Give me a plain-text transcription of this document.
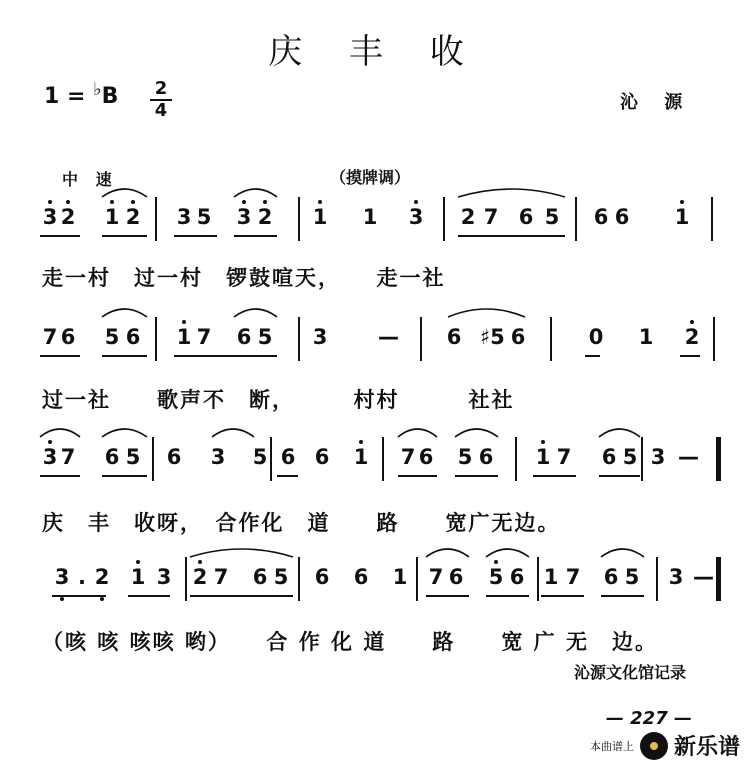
庆 丰 收
1 = ♭B 2
4	沁 源
中 速	（摸牌调）
3 2 1 2 3 5 3 2 1 1 3 2 7 6 5 6 6 1
7 6 5 6 1 7 6 5 3 — 6 ♯5 6	0 1 2
3 7 6 5 6 3 5 6 6 1 7 6 5 6 1 7 6 5 3 —
3 . 2 1 3 2 7 6 5 6 6 1 7 6 5 6 1 7 6 5 3 —
走一村　过一村　锣鼓喧天，　　走一社
过一社　　歌声不　断，　　　村村　　　社社
庆　丰　收呀，　合作化　道　　路　　宽广无边。
（咳 咳 咳咳 哟）　　合 作 化 道　　路　　宽 广 无　边。
沁源文化馆记录
— 227 —
本曲谱上 新乐谱
